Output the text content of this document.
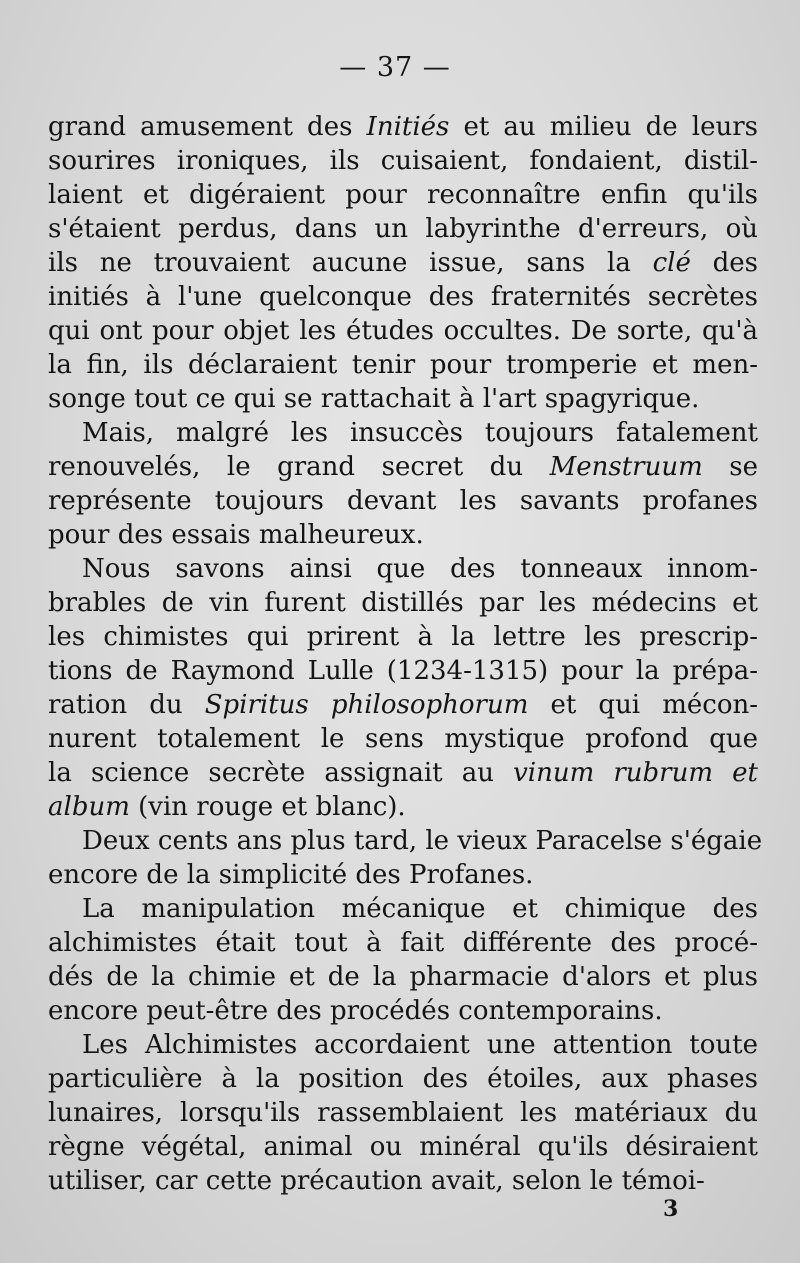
— 37 —
grand amusement des Initiés et au milieu de leurs
sourires ironiques, ils cuisaient, fondaient, distil-
laient et digéraient pour reconnaître enfin qu'ils
s'étaient perdus, dans un labyrinthe d'erreurs, où
ils ne trouvaient aucune issue, sans la clé des
initiés à l'une quelconque des fraternités secrètes
qui ont pour objet les études occultes. De sorte, qu'à
la fin, ils déclaraient tenir pour tromperie et men-
songe tout ce qui se rattachait à l'art spagyrique.
Mais, malgré les insuccès toujours fatalement
renouvelés, le grand secret du Menstruum se
représente toujours devant les savants profanes
pour des essais malheureux.
Nous savons ainsi que des tonneaux innom-
brables de vin furent distillés par les médecins et
les chimistes qui prirent à la lettre les prescrip-
tions de Raymond Lulle (1234-1315) pour la prépa-
ration du Spiritus philosophorum et qui mécon-
nurent totalement le sens mystique profond que
la science secrète assignait au vinum rubrum et
album (vin rouge et blanc).
Deux cents ans plus tard, le vieux Paracelse s'égaie
encore de la simplicité des Profanes.
La manipulation mécanique et chimique des
alchimistes était tout à fait différente des procé-
dés de la chimie et de la pharmacie d'alors et plus
encore peut-être des procédés contemporains.
Les Alchimistes accordaient une attention toute
particulière à la position des étoiles, aux phases
lunaires, lorsqu'ils rassemblaient les matériaux du
règne végétal, animal ou minéral qu'ils désiraient
utiliser, car cette précaution avait, selon le témoi-
3
